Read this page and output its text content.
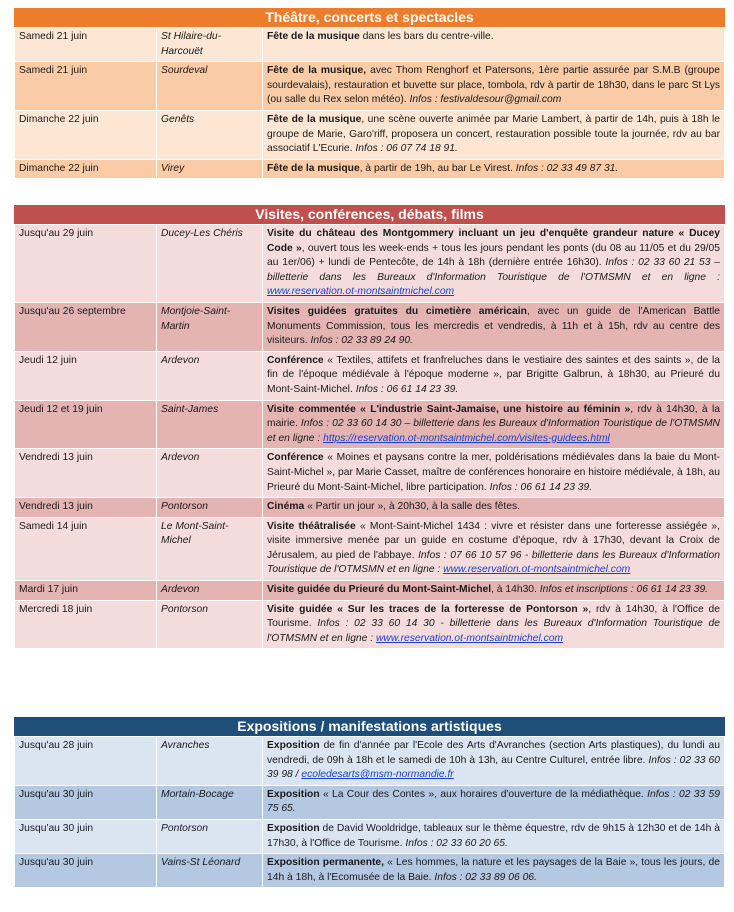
Théâtre, concerts et spectacles
Samedi 21 juin	St Hilaire-du-Harcouët	Fête de la musique dans les bars du centre-ville.
Samedi 21 juin	Sourdeval	Fête de la musique, avec Thom Renghorf et Patersons, 1ère partie assurée par S.M.B (groupe sourdevalais), restauration et buvette sur place, tombola, rdv à partir de 18h30, dans le parc St Lys (ou salle du Rex selon météo). Infos : festivaldesour@gmail.com
Dimanche 22 juin	Genêts	Fête de la musique, une scène ouverte animée par Marie Lambert, à partir de 14h, puis à 18h le groupe de Marie, Garo'riff, proposera un concert, restauration possible toute la journée, rdv au bar associatif L'Ecurie. Infos : 06 07 74 18 91.
Dimanche 22 juin	Virey	Fête de la musique, à partir de 19h, au bar Le Virest. Infos : 02 33 49 87 31.
Visites, conférences, débats, films
Jusqu'au 29 juin	Ducey-Les Chéris	Visite du château des Montgommery incluant un jeu d'enquête grandeur nature « Ducey Code », ouvert tous les week-ends + tous les jours pendant les ponts (du 08 au 11/05 et du 29/05 au 1er/06) + lundi de Pentecôte, de 14h à 18h (dernière entrée 16h30). Infos : 02 33 60 21 53 – billetterie dans les Bureaux d'Information Touristique de l'OTMSMN et en ligne : www.reservation.ot-montsaintmichel.com
Jusqu'au 26 septembre	Montjoie-Saint-Martin	Visites guidées gratuites du cimetière américain, avec un guide de l'American Battle Monuments Commission, tous les mercredis et vendredis, à 11h et à 15h, rdv au centre des visiteurs. Infos : 02 33 89 24 90.
Jeudi 12 juin	Ardevon	Conférence « Textiles, attifets et franfreluches dans le vestiaire des saintes et des saints », de la fin de l'époque médiévale à l'époque moderne », par Brigitte Galbrun, à 18h30, au Prieuré du Mont-Saint-Michel. Infos : 06 61 14 23 39.
Jeudi 12 et 19 juin	Saint-James	Visite commentée « L'industrie Saint-Jamaise, une histoire au féminin », rdv à 14h30, à la mairie. Infos : 02 33 60 14 30 – billetterie dans les Bureaux d'Information Touristique de l'OTMSMN et en ligne : https://reservation.ot-montsaintmichel.com/visites-guidees.html
Vendredi 13 juin	Ardevon	Conférence « Moines et paysans contre la mer, poldérisations médiévales dans la baie du Mont-Saint-Michel », par Marie Casset, maître de conférences honoraire en histoire médiévale, à 18h, au Prieuré du Mont-Saint-Michel, libre participation. Infos : 06 61 14 23 39.
Vendredi 13 juin	Pontorson	Cinéma « Partir un jour », à 20h30, à la salle des fêtes.
Samedi 14 juin	Le Mont-Saint-Michel	Visite théâtralisée « Mont-Saint-Michel 1434 : vivre et résister dans une forteresse assiégée », visite immersive menée par un guide en costume d'époque, rdv à 17h30, devant la Croix de Jérusalem, au pied de l'abbaye. Infos : 07 66 10 57 96 - billetterie dans les Bureaux d'Information Touristique de l'OTMSMN et en ligne : www.reservation.ot-montsaintmichel.com
Mardi 17 juin	Ardevon	Visite guidée du Prieuré du Mont-Saint-Michel, à 14h30. Infos et inscriptions : 06 61 14 23 39.
Mercredi 18 juin	Pontorson	Visite guidée « Sur les traces de la forteresse de Pontorson », rdv à 14h30, à l'Office de Tourisme. Infos : 02 33 60 14 30 - billetterie dans les Bureaux d'Information Touristique de l'OTMSMN et en ligne : www.reservation.ot-montsaintmichel.com
Expositions / manifestations artistiques
Jusqu'au 28 juin	Avranches	Exposition de fin d'année par l'Ecole des Arts d'Avranches (section Arts plastiques), du lundi au vendredi, de 09h à 18h et le samedi de 10h à 13h, au Centre Culturel, entrée libre. Infos : 02 33 60 39 98 / ecoledesarts@msm-normandie.fr
Jusqu'au 30 juin	Mortain-Bocage	Exposition « La Cour des Contes », aux horaires d'ouverture de la médiathèque. Infos : 02 33 59 75 65.
Jusqu'au 30 juin	Pontorson	Exposition de David Wooldridge, tableaux sur le thème équestre, rdv de 9h15 à 12h30 et de 14h à 17h30, à l'Office de Tourisme. Infos : 02 33 60 20 65.
Jusqu'au 30 juin	Vains-St Léonard	Exposition permanente, « Les hommes, la nature et les paysages de la Baie », tous les jours, de 14h à 18h, à l'Ecomusée de la Baie. Infos : 02 33 89 06 06.
